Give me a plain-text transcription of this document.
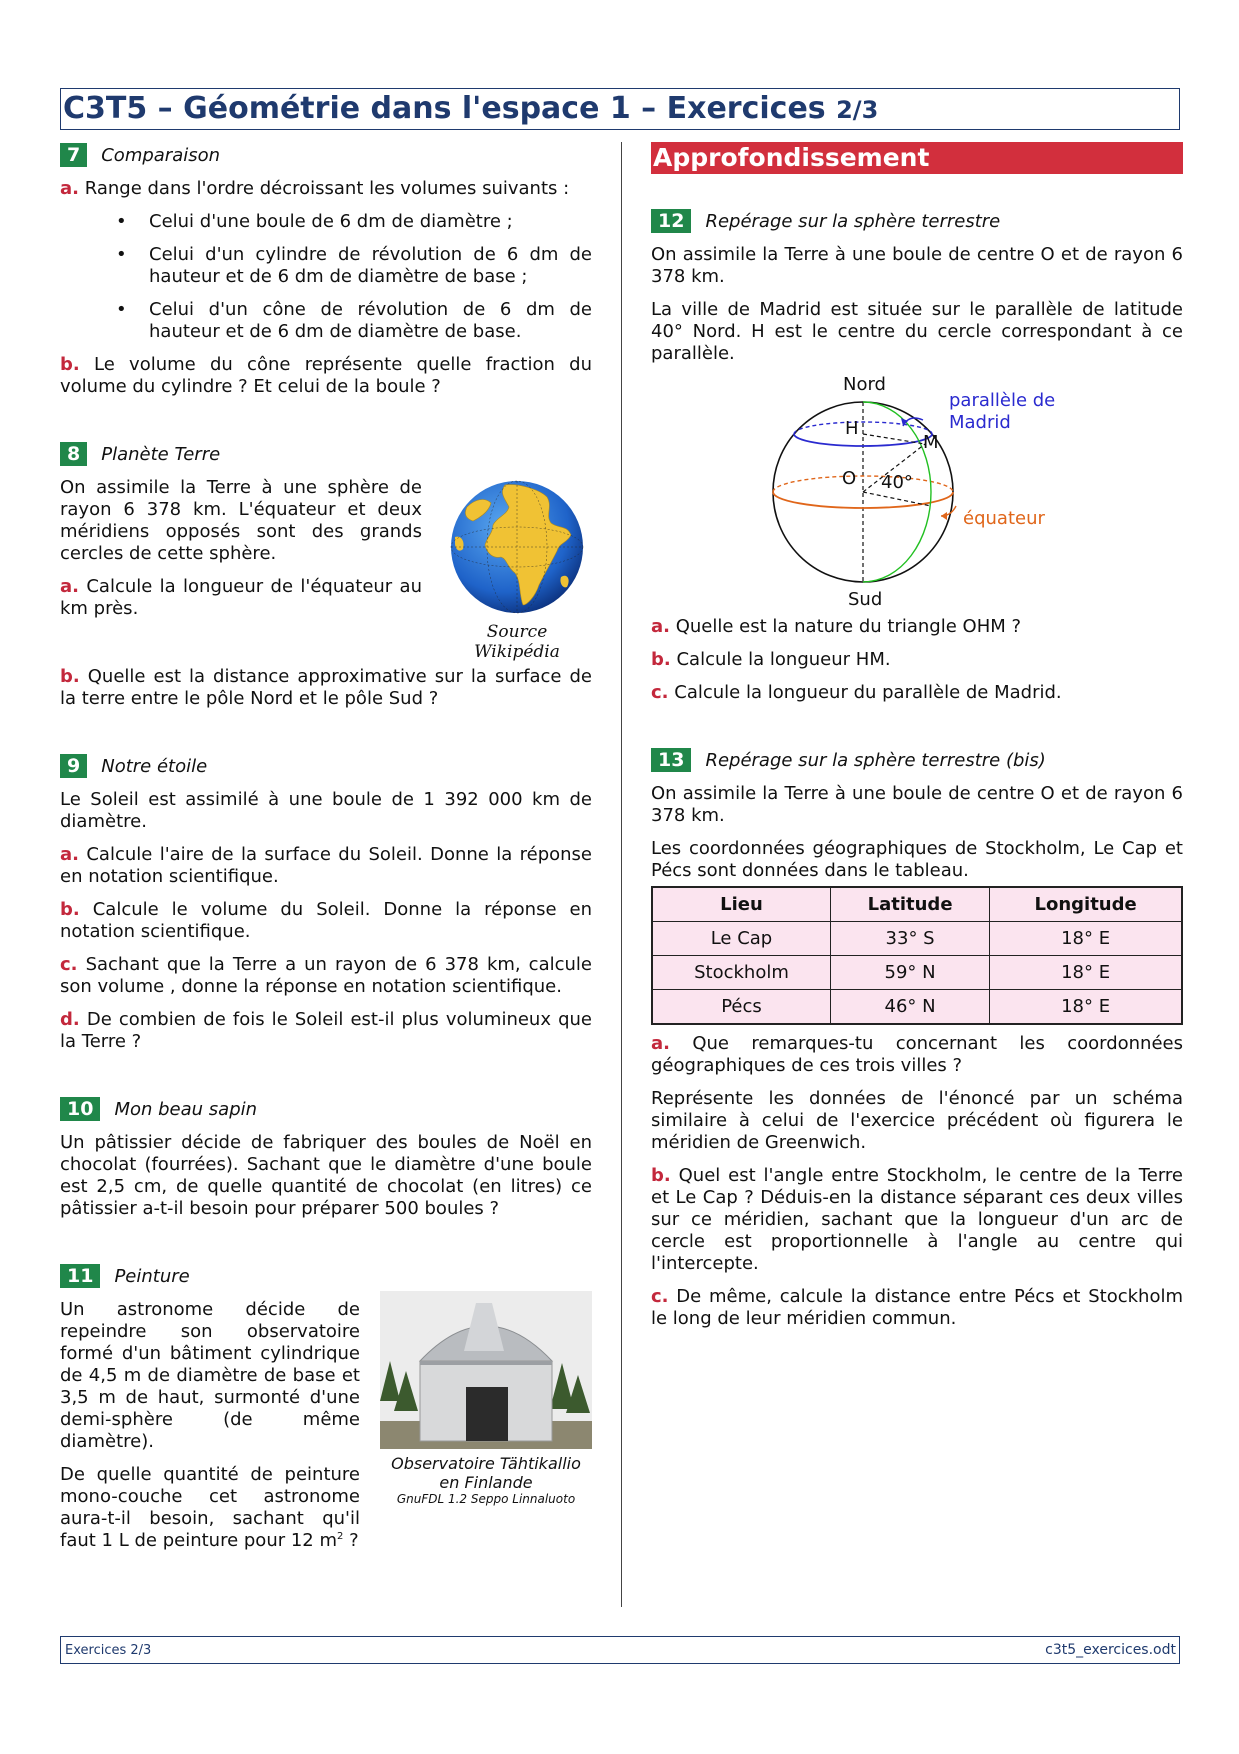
C3T5 – Géométrie dans l'espace 1 – Exercices 2/3
7	Comparaison

a. Range dans l'ordre décroissant les volumes suivants :

• Celui d'une boule de 6 dm de diamètre ;
• Celui d'un cylindre de révolution de 6 dm de hauteur et de 6 dm de diamètre de base ;
• Celui d'un cône de révolution de 6 dm de hauteur et de 6 dm de diamètre de base.

b. Le volume du cône représente quelle fraction du volume du cylindre ? Et celui de la boule ?

8	Planète Terre
Source Wikipédia

On assimile la Terre à une sphère de rayon 6 378 km. L'équateur et deux méridiens opposés sont des grands cercles de cette sphère.

a. Calcule la longueur de l'équateur au km près.

b. Quelle est la distance approximative sur la surface de la terre entre le pôle Nord et le pôle Sud ?

9	Notre étoile

Le Soleil est assimilé à une boule de 1 392 000 km de diamètre.

a. Calcule l'aire de la surface du Soleil. Donne la réponse en notation scientifique.

b. Calcule le volume du Soleil. Donne la réponse en notation scientifique.

c. Sachant que la Terre a un rayon de 6 378 km, calcule son volume , donne la réponse en notation scientifique.

d. De combien de fois le Soleil est-il plus volumineux que la Terre ?

10	Mon beau sapin

Un pâtissier décide de fabriquer des boules de Noël en chocolat (fourrées). Sachant que le diamètre d'une boule est 2,5 cm, de quelle quantité de chocolat (en litres) ce pâtissier a-t-il besoin pour préparer 500 boules ?

11	Peinture
Observatoire Tähtikallio en Finlande
GnuFDL 1.2 Seppo Linnaluoto

Un astronome décide de repeindre son observatoire formé d'un bâtiment cylindrique de 4,5 m de diamètre de base et 3,5 m de haut, surmonté d'une demi-sphère (de même diamètre).

De quelle quantité de peinture mono-couche cet astronome aura-t-il besoin, sachant qu'il faut 1 L de peinture pour 12 $m^2$ ?

Approfondissement
12	Repérage sur la sphère terrestre

On assimile la Terre à une boule de centre O et de rayon 6 378 km.

La ville de Madrid est située sur le parallèle de latitude 40° Nord. H est le centre du cercle correspondant à ce parallèle.

Nord
Sud
H
M
O 40°
parallèle de Madrid
équateur

a. Quelle est la nature du triangle OHM ?

b. Calcule la longueur HM.

c. Calcule la longueur du parallèle de Madrid.

13	Repérage sur la sphère terrestre (bis)

On assimile la Terre à une boule de centre O et de rayon 6 378 km.

Les coordonnées géographiques de Stockholm, Le Cap et Pécs sont données dans le tableau.

Lieu	Latitude	Longitude
Le Cap	33° S	18° E
Stockholm	59° N	18° E
Pécs	46° N	18° E

a. Que remarques-tu concernant les coordonnées géographiques de ces trois villes ?

Représente les données de l'énoncé par un schéma similaire à celui de l'exercice précédent où figurera le méridien de Greenwich.

b. Quel est l'angle entre Stockholm, le centre de la Terre et Le Cap ? Déduis-en la distance séparant ces deux villes sur ce méridien, sachant que la longueur d'un arc de cercle est proportionnelle à l'angle au centre qui l'intercepte.

c. De même, calcule la distance entre Pécs et Stockholm le long de leur méridien commun.

Exercices 2/3	c3t5_exercices.odt
